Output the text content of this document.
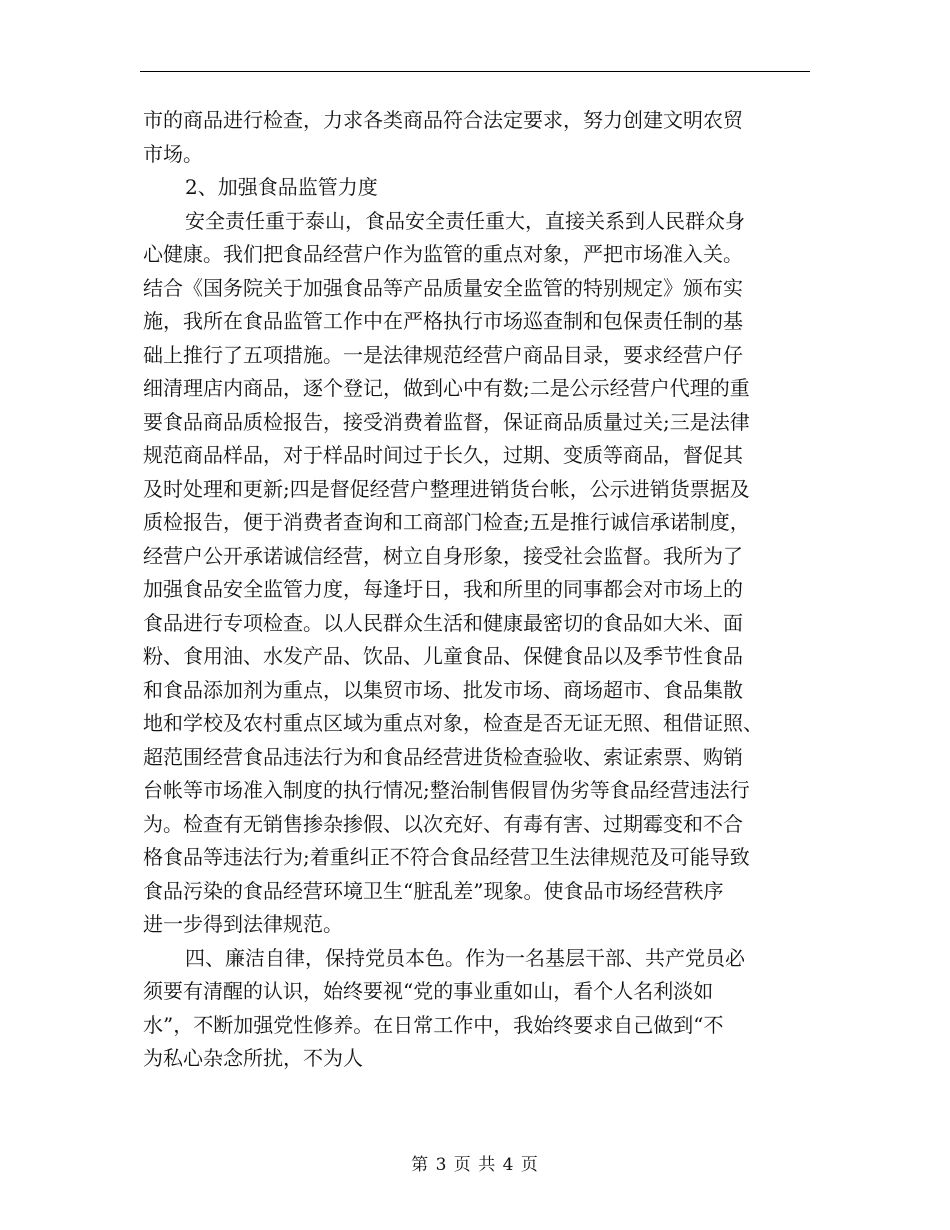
市的商品进行检查，力求各类商品符合法定要求，努力创建文明农贸
市场。
2、加强食品监管力度
安全责任重于泰山，食品安全责任重大，直接关系到人民群众身
心健康。我们把食品经营户作为监管的重点对象，严把市场准入关。
结合《国务院关于加强食品等产品质量安全监管的特别规定》颁布实
施，我所在食品监管工作中在严格执行市场巡查制和包保责任制的基
础上推行了五项措施。一是法律规范经营户商品目录，要求经营户仔
细清理店内商品，逐个登记，做到心中有数;二是公示经营户代理的重
要食品商品质检报告，接受消费着监督，保证商品质量过关;三是法律
规范商品样品，对于样品时间过于长久，过期、变质等商品，督促其
及时处理和更新;四是督促经营户整理进销货台帐，公示进销货票据及
质检报告，便于消费者查询和工商部门检查;五是推行诚信承诺制度，
经营户公开承诺诚信经营，树立自身形象，接受社会监督。我所为了
加强食品安全监管力度，每逢圩日，我和所里的同事都会对市场上的
食品进行专项检查。以人民群众生活和健康最密切的食品如大米、面
粉、食用油、水发产品、饮品、儿童食品、保健食品以及季节性食品
和食品添加剂为重点，以集贸市场、批发市场、商场超市、食品集散
地和学校及农村重点区域为重点对象，检查是否无证无照、租借证照、
超范围经营食品违法行为和食品经营进货检查验收、索证索票、购销
台帐等市场准入制度的执行情况;整治制售假冒伪劣等食品经营违法行
为。检查有无销售掺杂掺假、以次充好、有毒有害、过期霉变和不合
格食品等违法行为;着重纠正不符合食品经营卫生法律规范及可能导致
食品污染的食品经营环境卫生“脏乱差”现象。使食品市场经营秩序
进一步得到法律规范。
四、廉洁自律，保持党员本色。作为一名基层干部、共产党员必
须要有清醒的认识，始终要视“党的事业重如山，看个人名利淡如
水”，不断加强党性修养。在日常工作中，我始终要求自己做到“不
为私心杂念所扰，不为人
第 3 页 共 4 页
